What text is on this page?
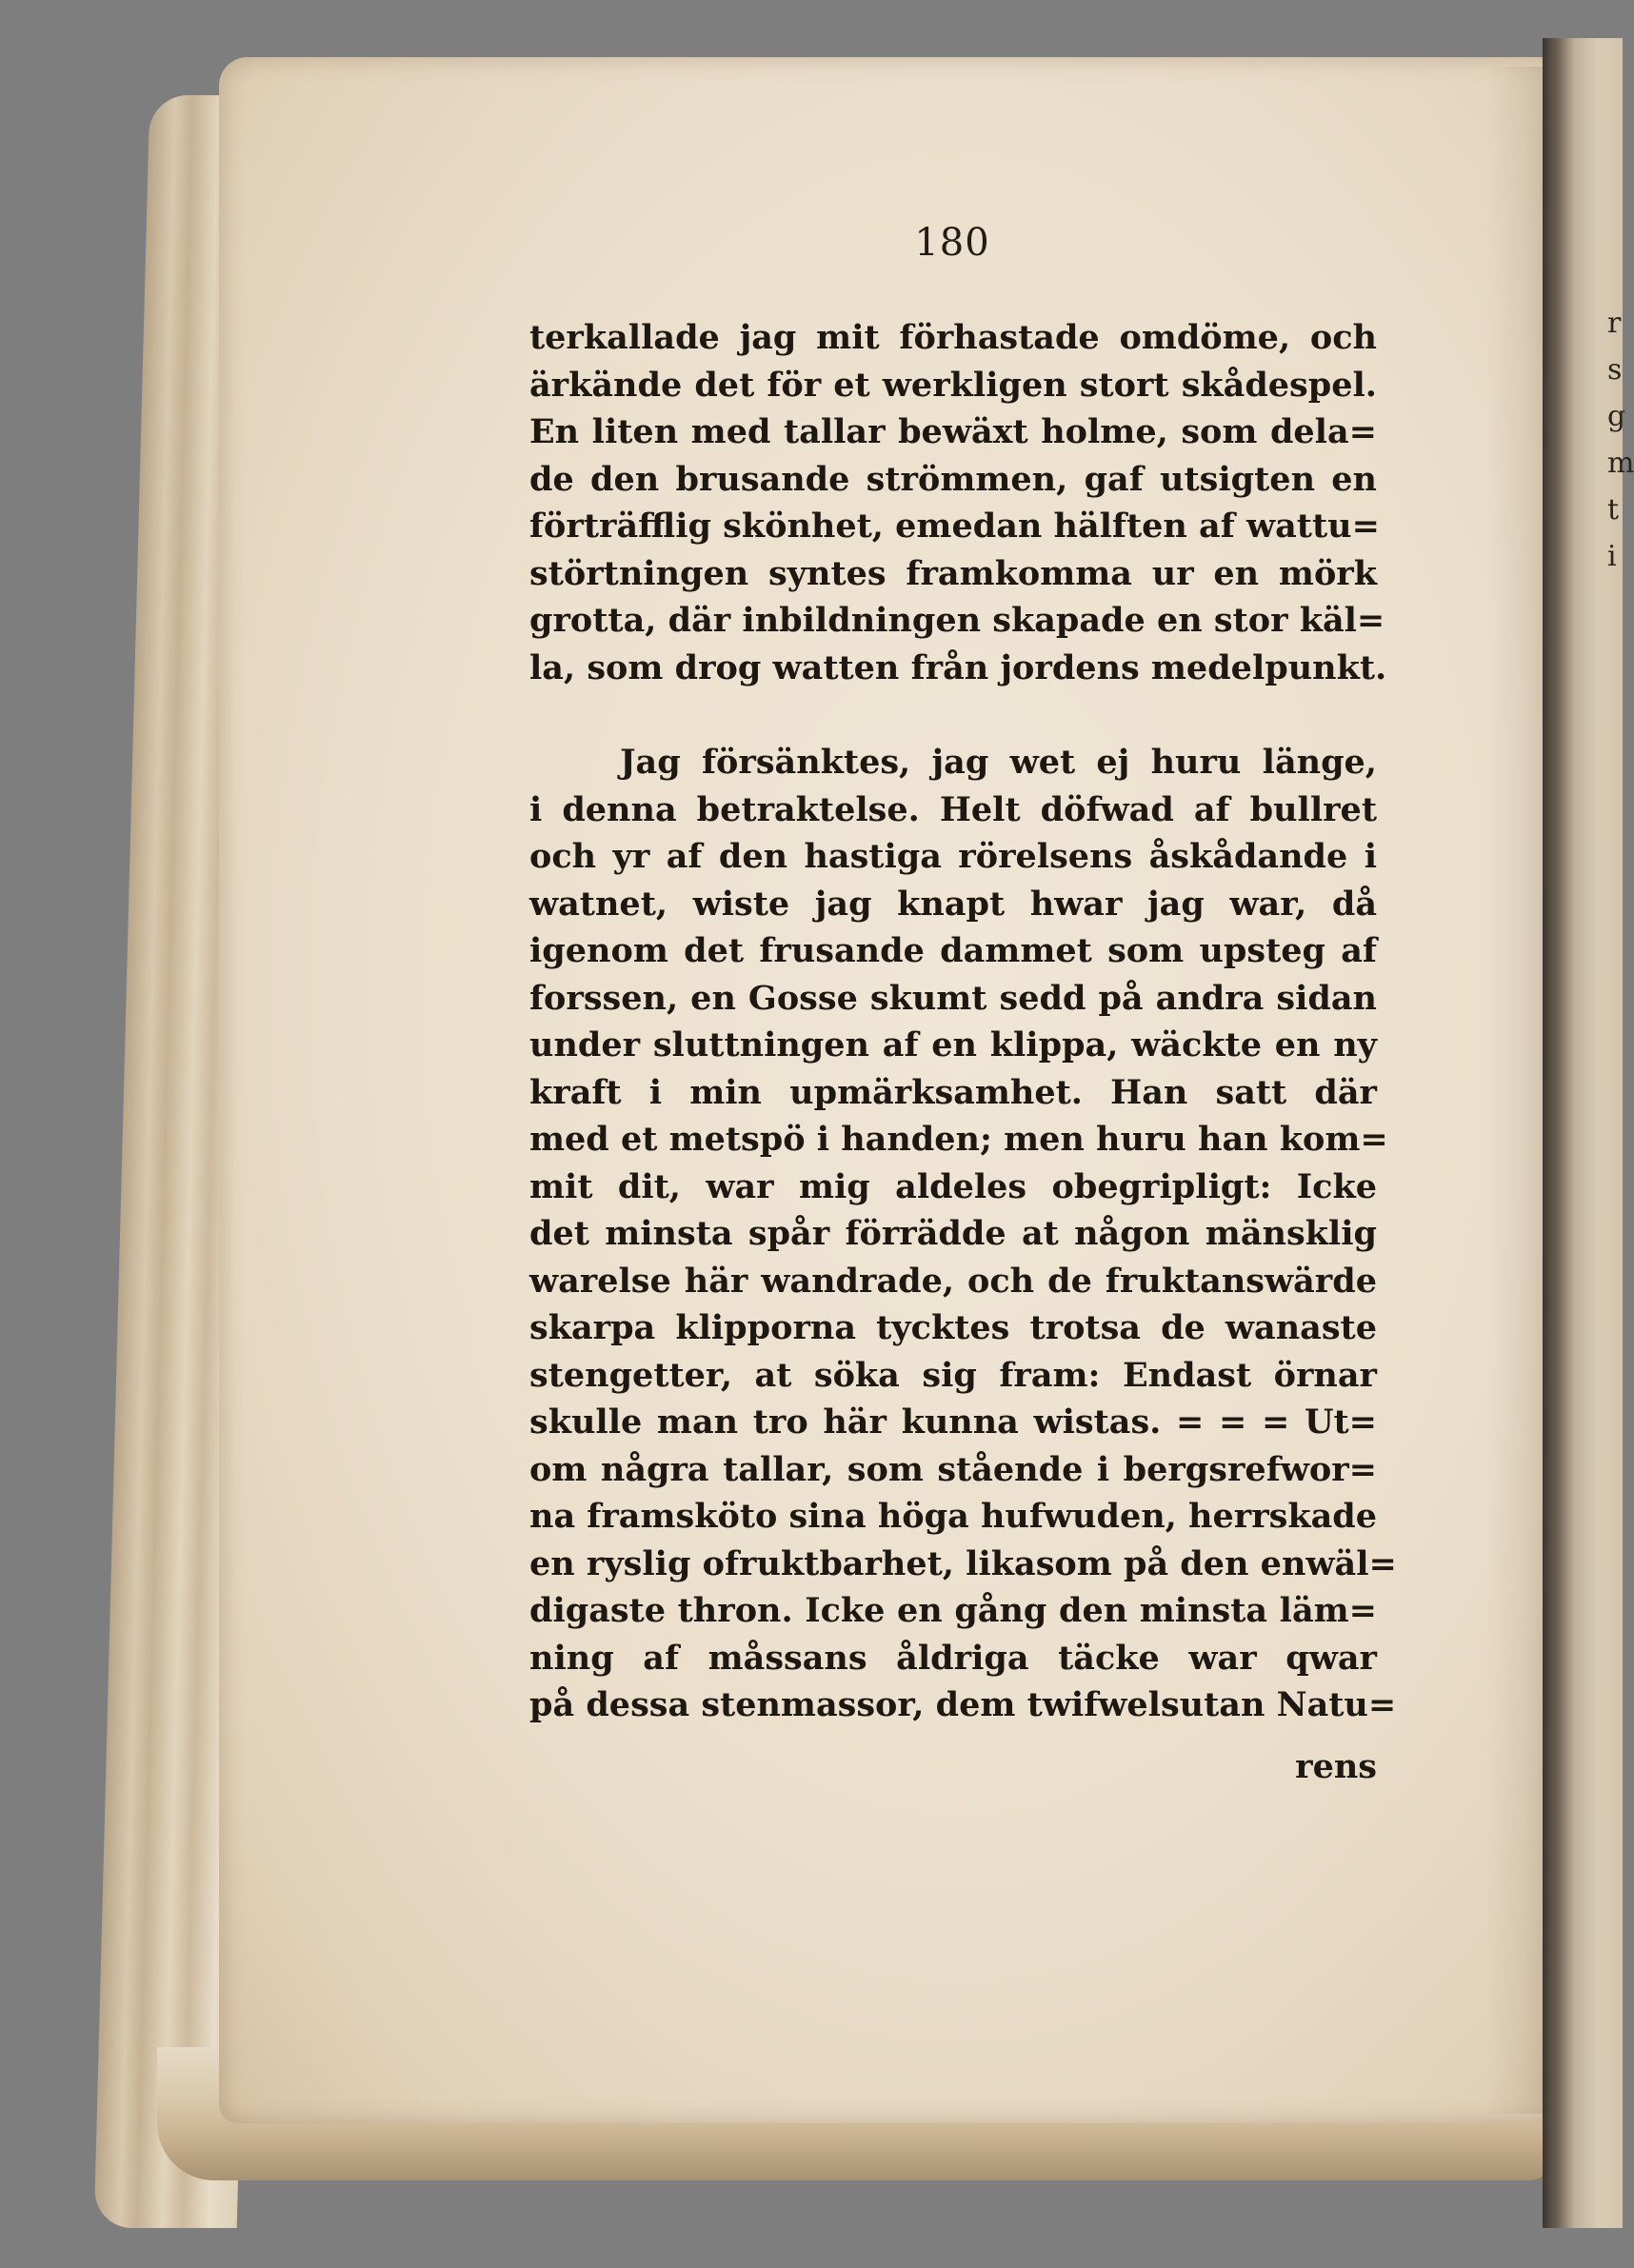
r
s
g
m
t
i
180
terkallade jag mit förhastade omdöme, och
ärkände det för et werkligen stort skådespel.
En liten med tallar bewäxt holme, som dela=
de den brusande strömmen, gaf utsigten en
förträfflig skönhet, emedan hälften af wattu=
störtningen syntes framkomma ur en mörk
grotta, där inbildningen skapade en stor käl=
la, som drog watten från jordens medelpunkt.
Jag försänktes, jag wet ej huru länge,
i denna betraktelse. Helt döfwad af bullret
och yr af den hastiga rörelsens åskådande i
watnet, wiste jag knapt hwar jag war, då
igenom det frusande dammet som upsteg af
forssen, en Gosse skumt sedd på andra sidan
under sluttningen af en klippa, wäckte en ny
kraft i min upmärksamhet. Han satt där
med et metspö i handen; men huru han kom=
mit dit, war mig aldeles obegripligt: Icke
det minsta spår förrädde at någon mänsklig
warelse här wandrade, och de fruktanswärde
skarpa klipporna tycktes trotsa de wanaste
stengetter, at söka sig fram: Endast örnar
skulle man tro här kunna wistas. = = = Ut=
om några tallar, som stående i bergsrefwor=
na framsköto sina höga hufwuden, herrskade
en ryslig ofruktbarhet, likasom på den enwäl=
digaste thron. Icke en gång den minsta läm=
ning af måssans åldriga täcke war qwar
på dessa stenmassor, dem twifwelsutan Natu=
rens
